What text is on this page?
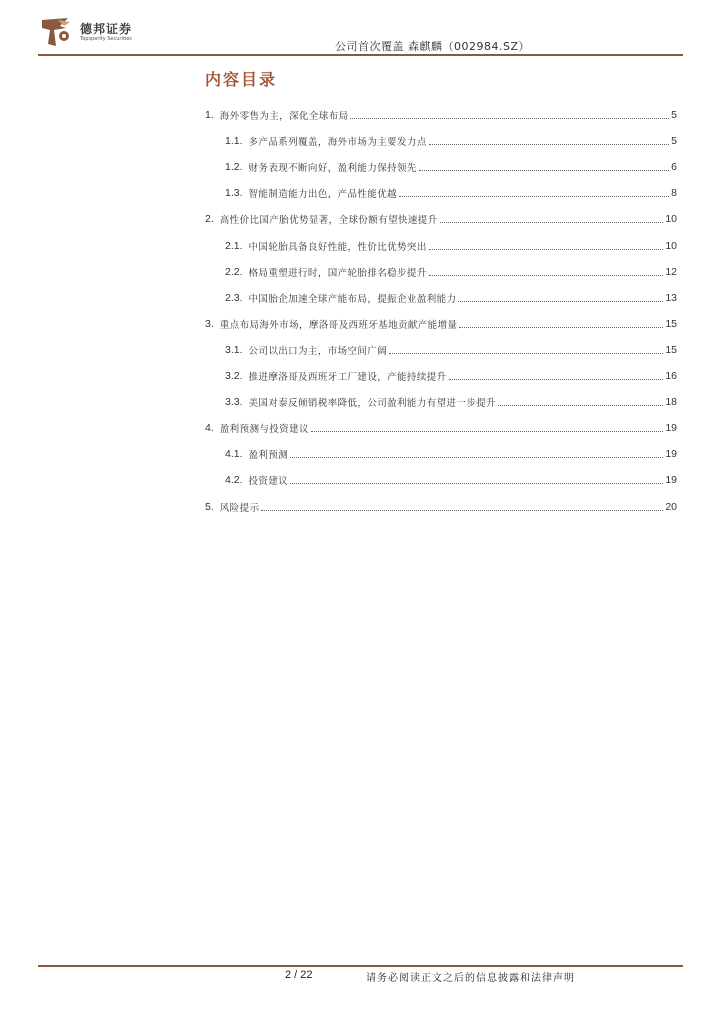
德邦证券
Topsperity Securities
公司首次覆盖 森麒麟（002984.SZ）
内容目录
1. 海外零售为主，深化全球布局	5
1.1. 多产品系列覆盖，海外市场为主要发力点	5
1.2. 财务表现不断向好，盈利能力保持领先	6
1.3. 智能制造能力出色，产品性能优越	8
2. 高性价比国产胎优势显著，全球份额有望快速提升	10
2.1. 中国轮胎具备良好性能，性价比优势突出	10
2.2. 格局重塑进行时，国产轮胎排名稳步提升	12
2.3. 中国胎企加速全球产能布局，提振企业盈利能力	13
3. 重点布局海外市场，摩洛哥及西班牙基地贡献产能增量	15
3.1. 公司以出口为主，市场空间广阔	15
3.2. 推进摩洛哥及西班牙工厂建设，产能持续提升	16
3.3. 美国对泰反倾销税率降低，公司盈利能力有望进一步提升	18
4. 盈利预测与投资建议	19
4.1. 盈利预测	19
4.2. 投资建议	19
5. 风险提示	20
2 / 22	请务必阅读正文之后的信息披露和法律声明
